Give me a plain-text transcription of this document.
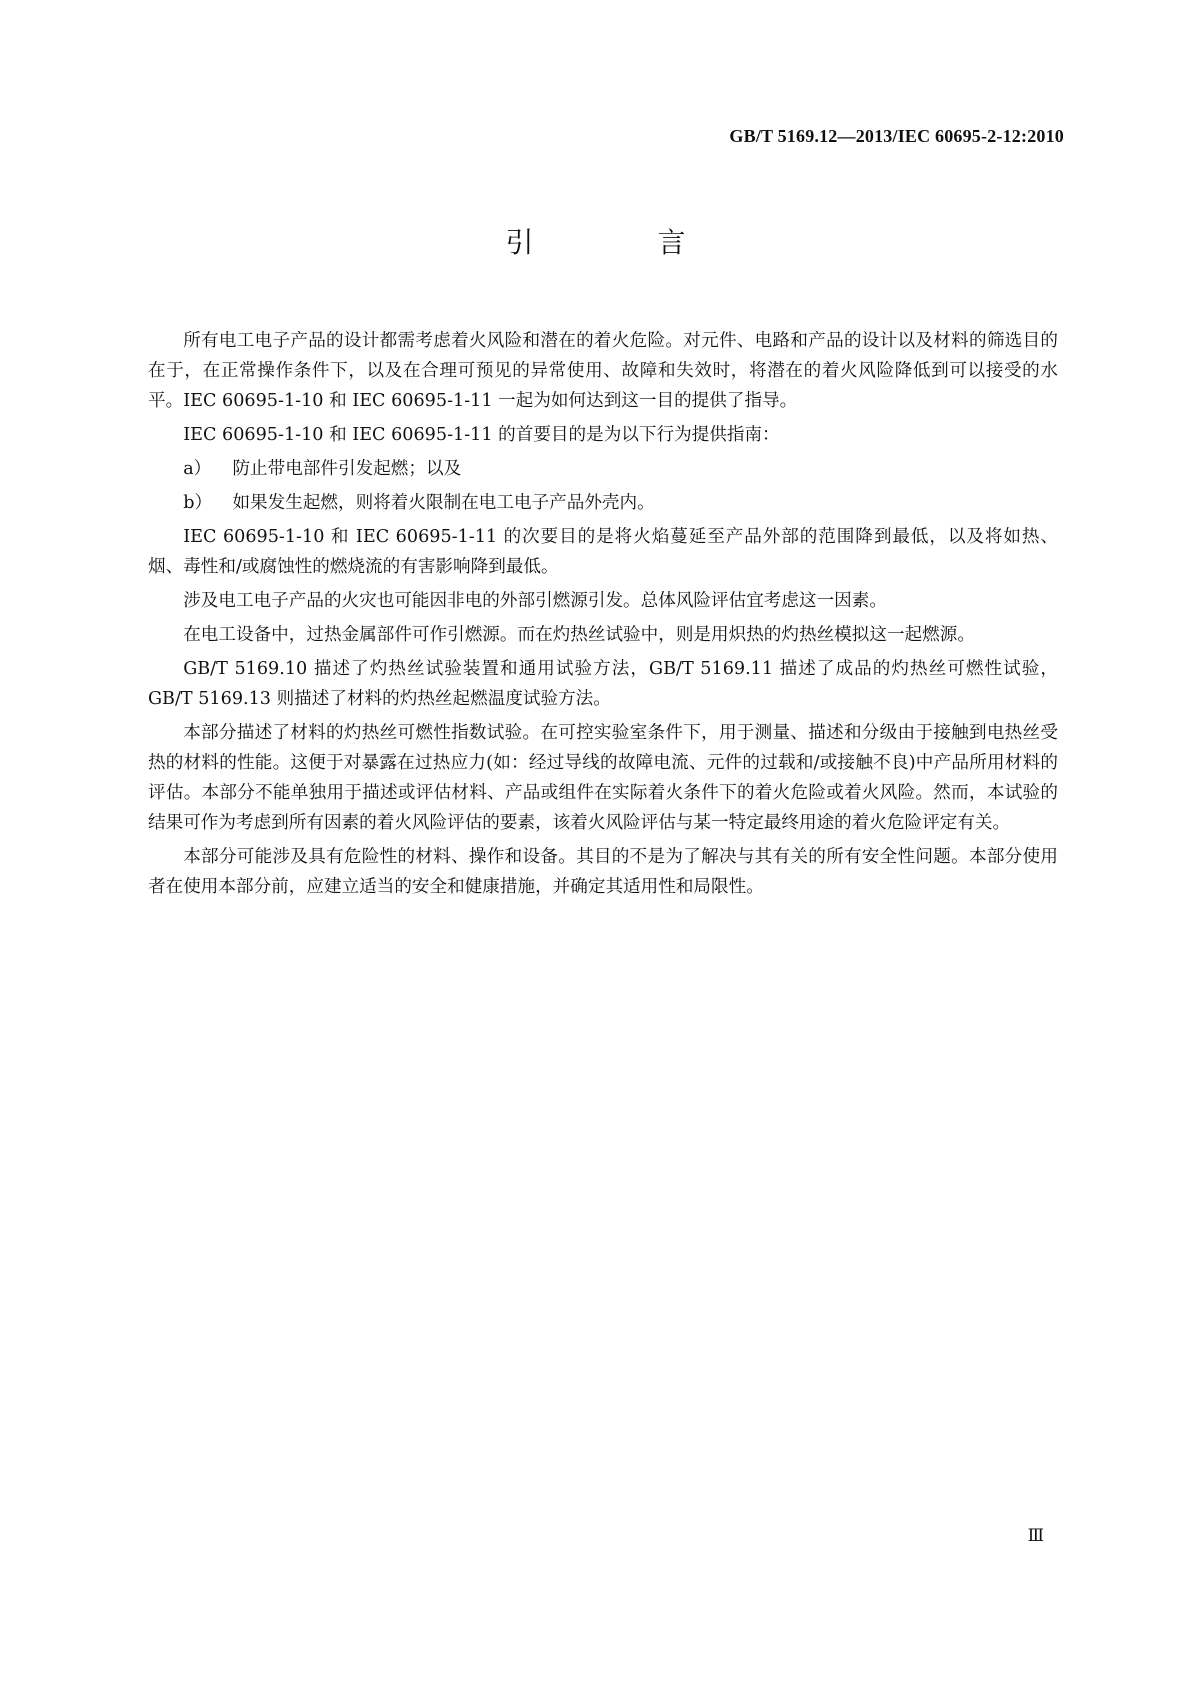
GB/T 5169.12—2013/IEC 60695-2-12:2010
引　言

所有电工电子产品的设计都需考虑着火风险和潜在的着火危险。对元件、电路和产品的设计以及材料的筛选目的在于，在正常操作条件下，以及在合理可预见的异常使用、故障和失效时，将潜在的着火风险降低到可以接受的水平。IEC 60695-1-10 和 IEC 60695-1-11 一起为如何达到这一目的提供了指导。

IEC 60695-1-10 和 IEC 60695-1-11 的首要目的是为以下行为提供指南：

a） 防止带电部件引发起燃；以及
b） 如果发生起燃，则将着火限制在电工电子产品外壳内。

IEC 60695-1-10 和 IEC 60695-1-11 的次要目的是将火焰蔓延至产品外部的范围降到最低，以及将如热、烟、毒性和/或腐蚀性的燃烧流的有害影响降到最低。

涉及电工电子产品的火灾也可能因非电的外部引燃源引发。总体风险评估宜考虑这一因素。

在电工设备中，过热金属部件可作引燃源。而在灼热丝试验中，则是用炽热的灼热丝模拟这一起燃源。

GB/T 5169.10 描述了灼热丝试验装置和通用试验方法，GB/T 5169.11 描述了成品的灼热丝可燃性试验，GB/T 5169.13 则描述了材料的灼热丝起燃温度试验方法。

本部分描述了材料的灼热丝可燃性指数试验。在可控实验室条件下，用于测量、描述和分级由于接触到电热丝受热的材料的性能。这便于对暴露在过热应力(如：经过导线的故障电流、元件的过载和/或接触不良)中产品所用材料的评估。本部分不能单独用于描述或评估材料、产品或组件在实际着火条件下的着火危险或着火风险。然而，本试验的结果可作为考虑到所有因素的着火风险评估的要素，该着火风险评估与某一特定最终用途的着火危险评定有关。

本部分可能涉及具有危险性的材料、操作和设备。其目的不是为了解决与其有关的所有安全性问题。本部分使用者在使用本部分前，应建立适当的安全和健康措施，并确定其适用性和局限性。

Ⅲ
